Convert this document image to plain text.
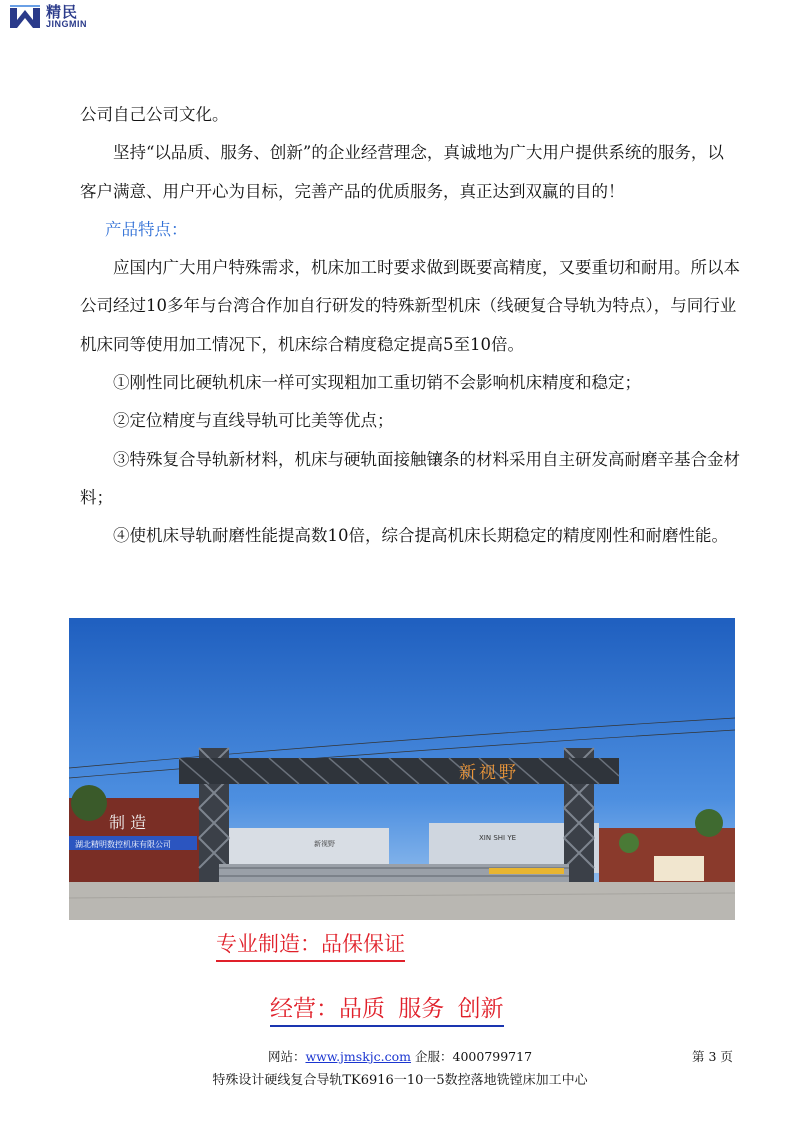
精民
JINGMIN

公司自己公司文化。

坚持“以品质、服务、创新”的企业经营理念，真诚地为广大用户提供系统的服务，以客户满意、用户开心为目标，完善产品的优质服务，真正达到双赢的目的！

产品特点：

应国内广大用户特殊需求，机床加工时要求做到既要高精度，又要重切和耐用。所以本公司经过10多年与台湾合作加自行研发的特殊新型机床（线硬复合导轨为特点），与同行业机床同等使用加工情况下，机床综合精度稳定提高5至10倍。

①刚性同比硬轨机床一样可实现粗加工重切销不会影响机床精度和稳定；

②定位精度与直线导轨可比美等优点；

③特殊复合导轨新材料，机床与硬轨面接触镶条的材料采用自主研发高耐磨辛基合金材料；

④使机床导轨耐磨性能提高数10倍，综合提高机床长期稳定的精度刚性和耐磨性能。

新视野
XIN SHI YE
湖北精明数控机床有限公司
制 造
新视野
专业制造：品保保证
经营：品质 服务 创新
网站：www.jmskjc.com 企服：4000799717	第 3 页
特殊设计硬线复合导轨TK6916一10一5数控落地铣镗床加工中心
